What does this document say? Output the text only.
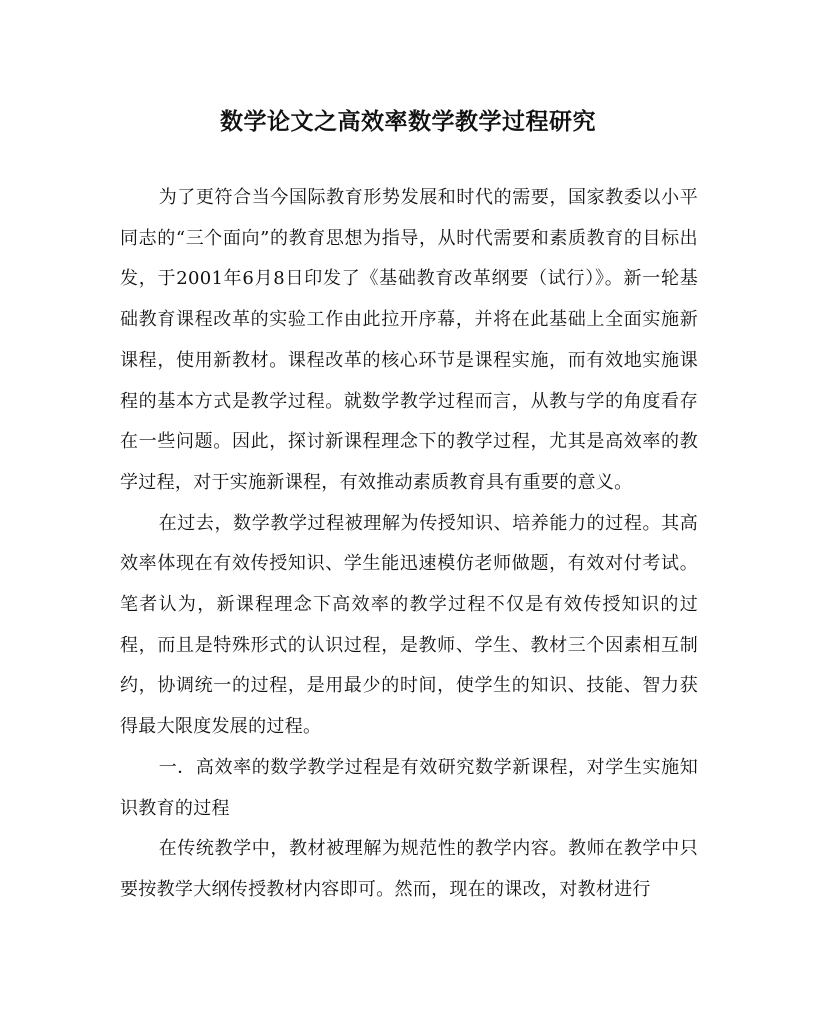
数学论文之高效率数学教学过程研究

为了更符合当今国际教育形势发展和时代的需要，国家教委以小平同志的“三个面向”的教育思想为指导，从时代需要和素质教育的目标出发，于2001年6月8日印发了《基础教育改革纲要（试行）》。新一轮基础教育课程改革的实验工作由此拉开序幕，并将在此基础上全面实施新课程，使用新教材。课程改革的核心环节是课程实施，而有效地实施课程的基本方式是教学过程。就数学教学过程而言，从教与学的角度看存在一些问题。因此，探讨新课程理念下的教学过程，尤其是高效率的教学过程，对于实施新课程，有效推动素质教育具有重要的意义。

在过去，数学教学过程被理解为传授知识、培养能力的过程。其高效率体现在有效传授知识、学生能迅速模仿老师做题，有效对付考试。笔者认为，新课程理念下高效率的教学过程不仅是有效传授知识的过程，而且是特殊形式的认识过程，是教师、学生、教材三个因素相互制约，协调统一的过程，是用最少的时间，使学生的知识、技能、智力获得最大限度发展的过程。

一．高效率的数学教学过程是有效研究数学新课程，对学生实施知识教育的过程

在传统教学中，教材被理解为规范性的教学内容。教师在教学中只要按教学大纲传授教材内容即可。然而，现在的课改，对教材进行
